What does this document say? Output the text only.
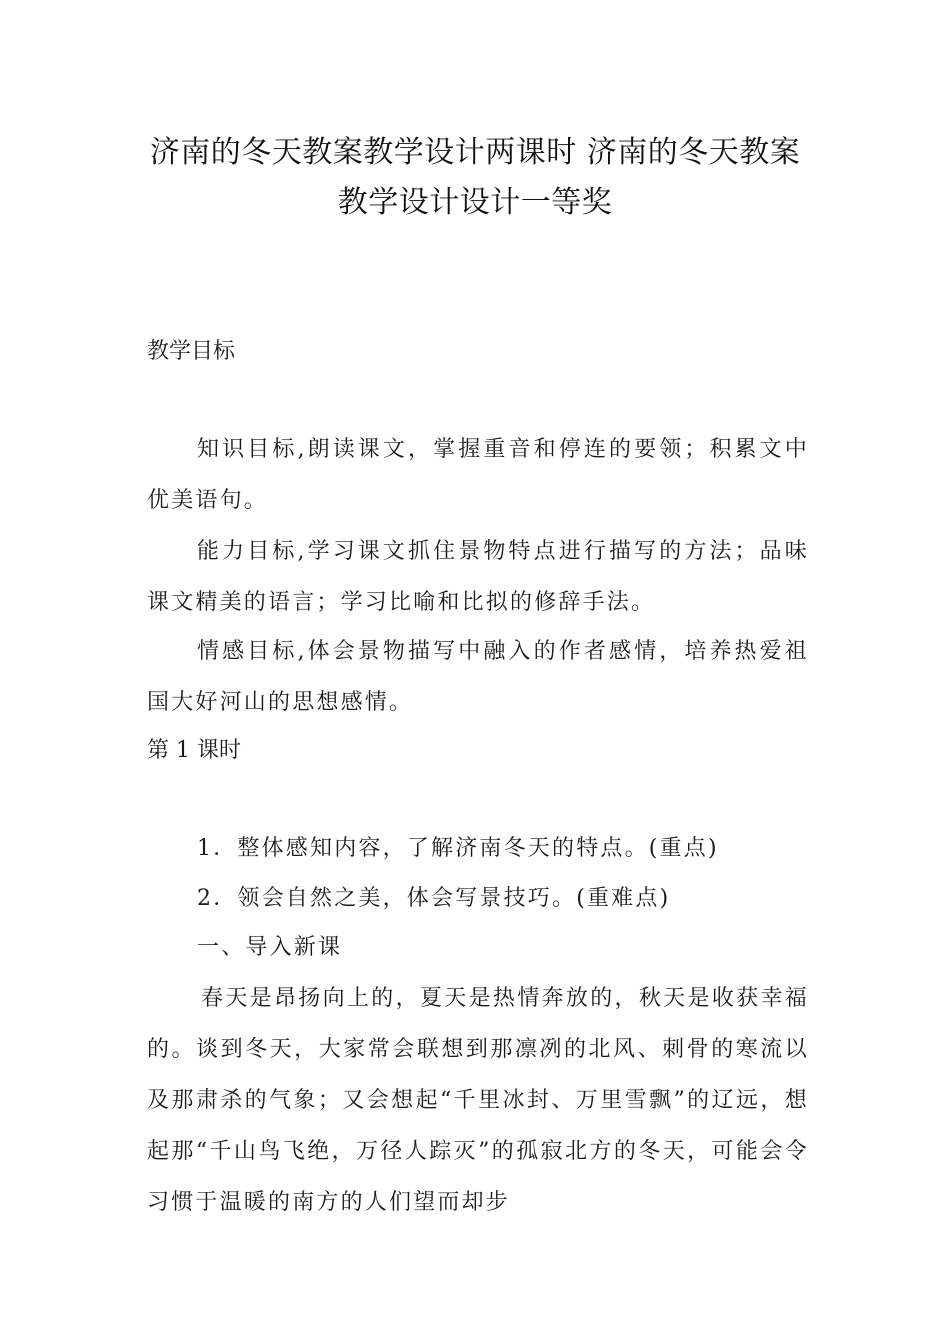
济南的冬天教案教学设计两课时 济南的冬天教案教学设计设计一等奖
教学目标
知识目标,朗读课文，掌握重音和停连的要领；积累文中优美语句。
能力目标,学习课文抓住景物特点进行描写的方法；品味课文精美的语言；学习比喻和比拟的修辞手法。
情感目标,体会景物描写中融入的作者感情，培养热爱祖国大好河山的思想感情。
第 1 课时
1．整体感知内容，了解济南冬天的特点。(重点)
2．领会自然之美，体会写景技巧。(重难点)
一、导入新课
春天是昂扬向上的，夏天是热情奔放的，秋天是收获幸福的。谈到冬天，大家常会联想到那凛冽的北风、刺骨的寒流以及那肃杀的气象；又会想起“千里冰封、万里雪飘”的辽远，想起那“千山鸟飞绝，万径人踪灭”的孤寂北方的冬天，可能会令习惯于温暖的南方的人们望而却步
